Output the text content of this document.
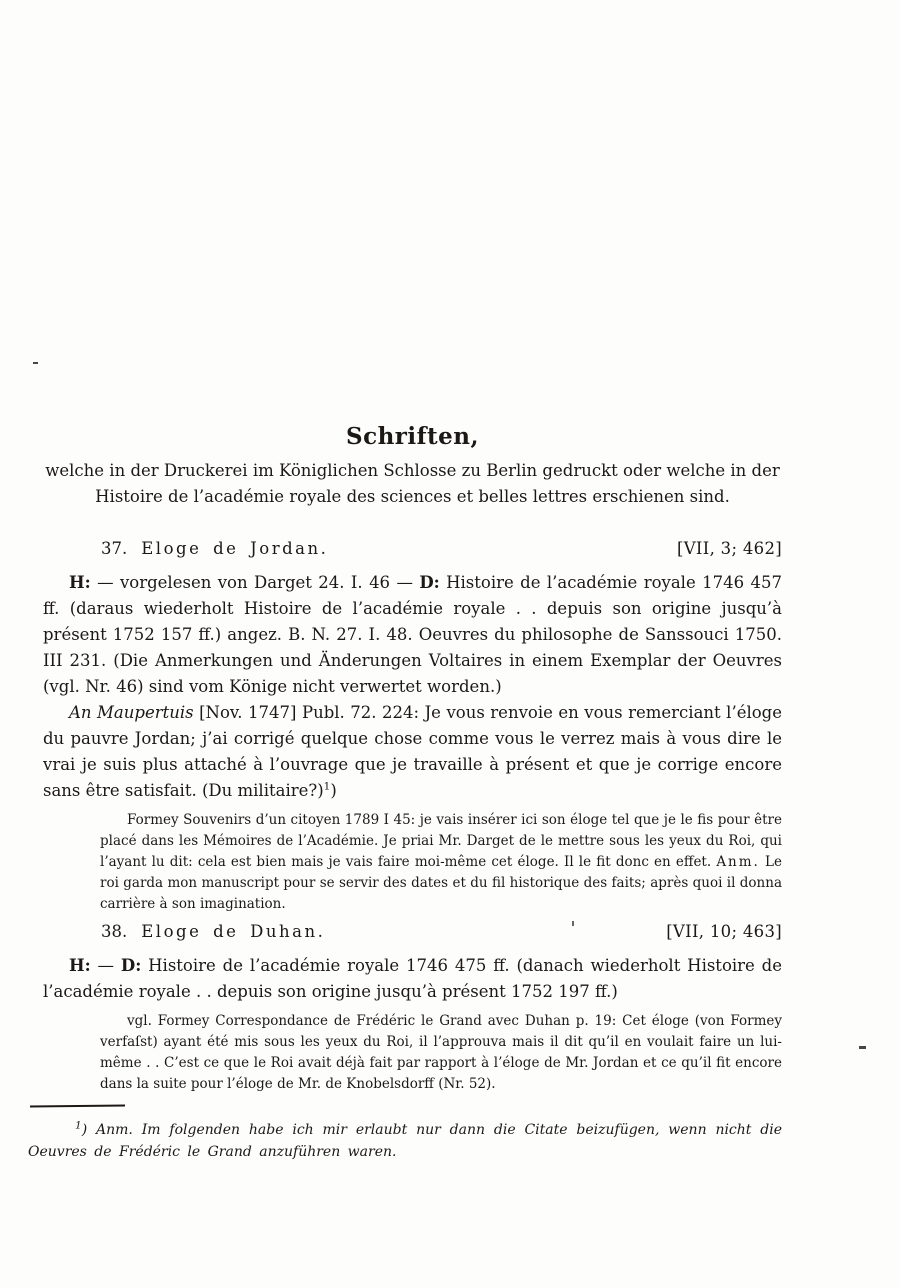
Schriften,
welche in der Druckerei im Königlichen Schlosse zu Berlin gedruckt oder welche in der
Histoire de l’académie royale des sciences et belles lettres erschienen sind.
37. Eloge de Jordan.	[VII, 3; 462]

H: — vorgelesen von Darget 24. I. 46 — D: Histoire de l’académie royale 1746 457 ff. (daraus wiederholt Histoire de l’académie royale . . depuis son origine jusqu’à présent 1752 157 ff.) angez. B. N. 27. I. 48. Oeuvres du philosophe de Sanssouci 1750. III 231. (Die Anmerkungen und Änderungen Voltaires in einem Exemplar der Oeuvres (vgl. Nr. 46) sind vom Könige nicht verwertet worden.)

An Maupertuis [Nov. 1747] Publ. 72. 224: Je vous renvoie en vous remerciant l’éloge du pauvre Jordan; j’ai corrigé quelque chose comme vous le verrez mais à vous dire le vrai je suis plus attaché à l’ouvrage que je travaille à présent et que je corrige encore sans être satisfait. (Du militaire?)$^1$)

Formey Souvenirs d’un citoyen 1789 I 45: je vais insérer ici son éloge tel que je le fis pour être placé dans les Mémoires de l’Académie. Je priai Mr. Darget de le mettre sous les yeux du Roi, qui l’ayant lu dit: cela est bien mais je vais faire moi-même cet éloge. Il le fit donc en effet. Anm. Le roi garda mon manuscript pour se servir des dates et du fil historique des faits; après quoi il donna carrière à son imagination.

38. Eloge de Duhan.	[VII, 10; 463]

H: — D: Histoire de l’académie royale 1746 475 ff. (danach wiederholt Histoire de l’académie royale . . depuis son origine jusqu’à présent 1752 197 ff.)

vgl. Formey Correspondance de Frédéric le Grand avec Duhan p. 19: Cet éloge (von Formey verfaſst) ayant été mis sous les yeux du Roi, il l’approuva mais il dit qu’il en voulait faire un lui-même . . C’est ce que le Roi avait déjà fait par rapport à l’éloge de Mr. Jordan et ce qu’il fit encore dans la suite pour l’éloge de Mr. de Knobelsdorff (Nr. 52).

$^1$) Anm. Im folgenden habe ich mir erlaubt nur dann die Citate beizufügen, wenn nicht die Oeuvres de Frédéric le Grand anzuführen waren.
